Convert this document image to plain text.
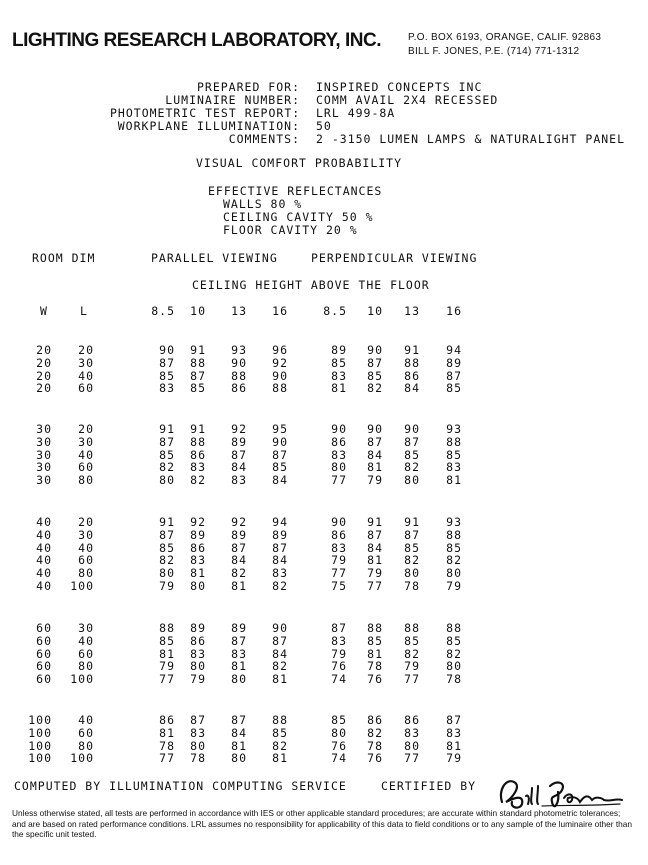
LIGHTING RESEARCH LABORATORY, INC.	P.O. BOX 6193, ORANGE, CALIF. 92863
BILL F. JONES, P.E. (714) 771-1312
PREPARED FOR: INSPIRED CONCEPTS INC
LUMINAIRE NUMBER: COMM AVAIL 2X4 RECESSED
PHOTOMETRIC TEST REPORT: LRL 499-8A
WORKPLANE ILLUMINATION: 50
COMMENTS: 2 -3150 LUMEN LAMPS & NATURALIGHT PANEL
VISUAL COMFORT PROBABILITY
EFFECTIVE REFLECTANCES
WALLS 80 %
CEILING CAVITY 50 %
FLOOR CAVITY 20 %
ROOM DIM	PARALLEL VIEWING	PERPENDICULAR VIEWING
CEILING HEIGHT ABOVE THE FLOOR
W	L	8.5	10	13	16	8.5	10	13	16
20	20	90	91	93	96	89	90	91	94
20	30	87	88	90	92	85	87	88	89
20	40	85	87	88	90	83	85	86	87
20	60	83	85	86	88	81	82	84	85
30	20	91	91	92	95	90	90	90	93
30	30	87	88	89	90	86	87	87	88
30	40	85	86	87	87	83	84	85	85
30	60	82	83	84	85	80	81	82	83
30	80	80	82	83	84	77	79	80	81
40	20	91	92	92	94	90	91	91	93
40	30	87	89	89	89	86	87	87	88
40	40	85	86	87	87	83	84	85	85
40	60	82	83	84	84	79	81	82	82
40	80	80	81	82	83	77	79	80	80
40	100	79	80	81	82	75	77	78	79
60	30	88	89	89	90	87	88	88	88
60	40	85	86	87	87	83	85	85	85
60	60	81	83	83	84	79	81	82	82
60	80	79	80	81	82	76	78	79	80
60	100	77	79	80	81	74	76	77	78
100	40	86	87	87	88	85	86	86	87
100	60	81	83	84	85	80	82	83	83
100	80	78	80	81	82	76	78	80	81
100	100	77	78	80	81	74	76	77	79
COMPUTED BY ILLUMINATION COMPUTING SERVICE	CERTIFIED BY
Unless otherwise stated, all tests are performed in accordance with IES or other applicable standard procedures; are accurate within standard photometric tolerances; and are based on rated performance conditions. LRL assumes no responsibility for applicability of this data to field conditions or to any sample of the luminaire other than the specific unit tested.
